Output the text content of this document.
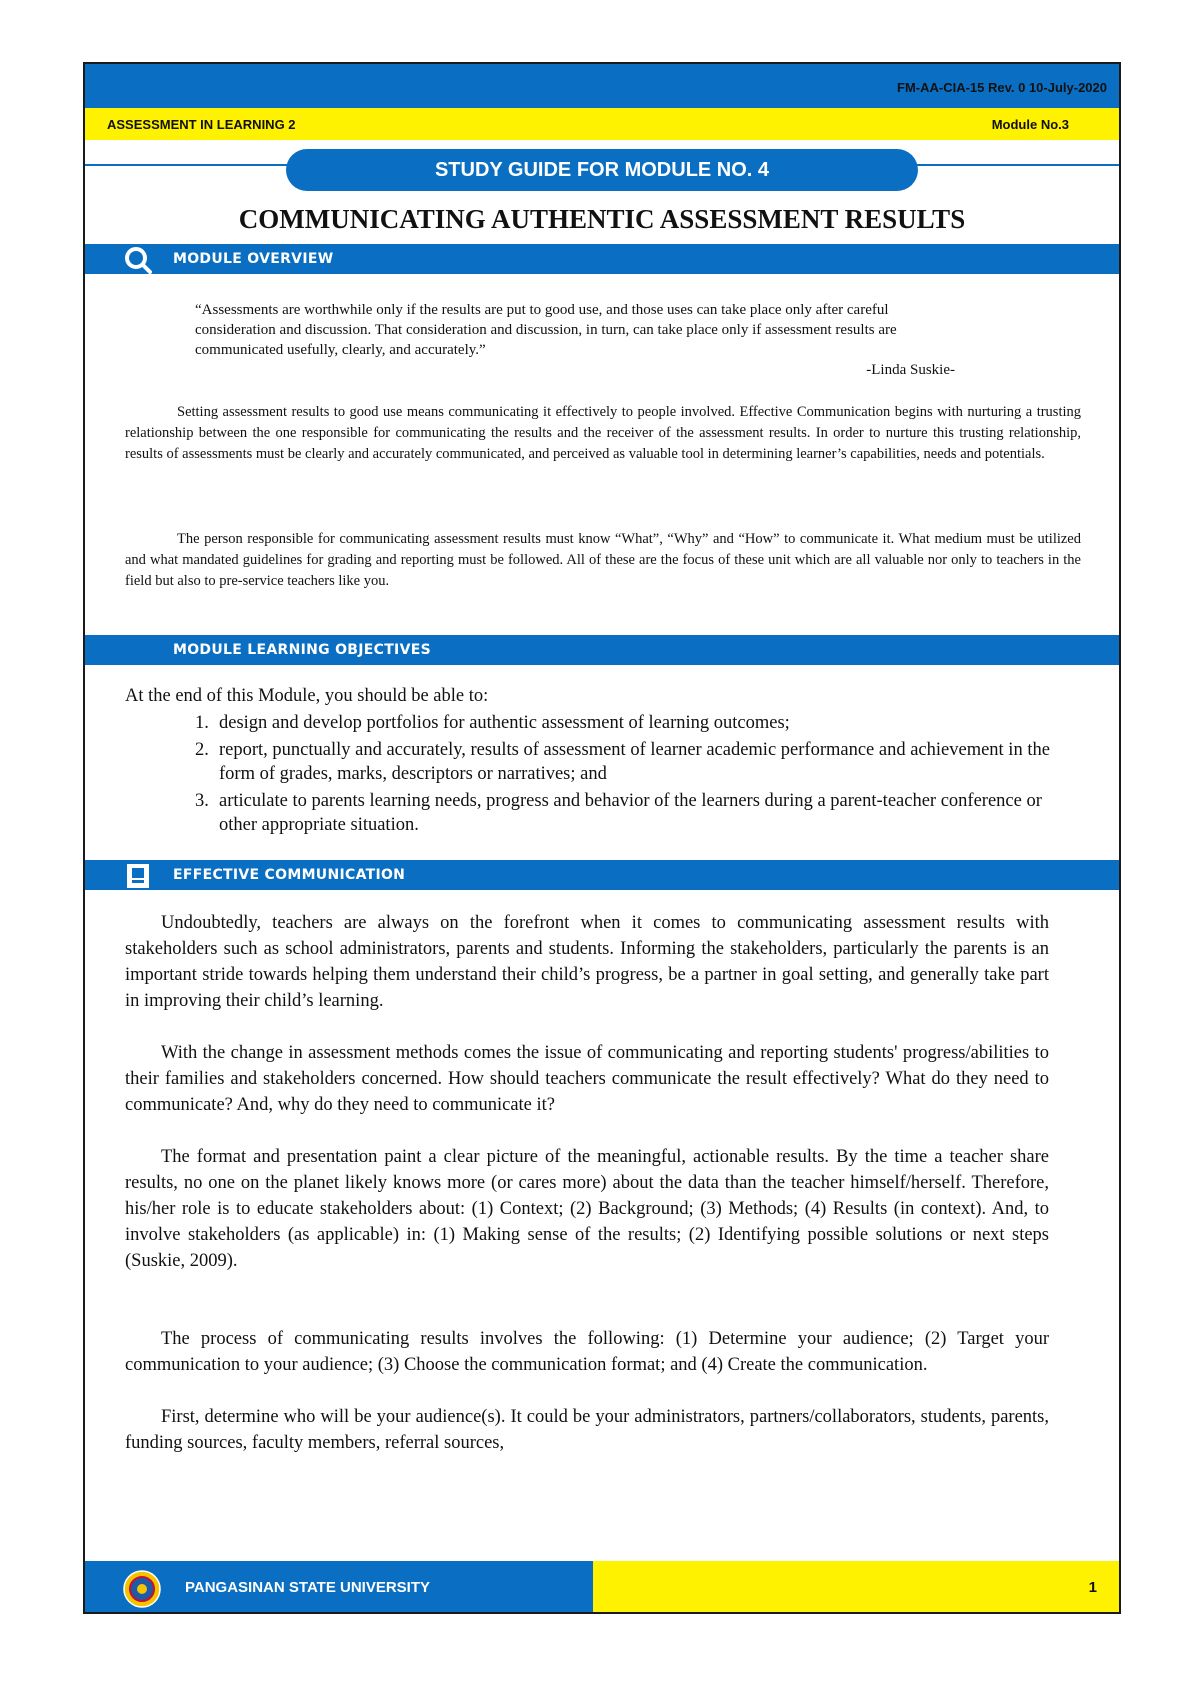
FM-AA-CIA-15 Rev. 0 10-July-2020
ASSESSMENT IN LEARNING 2	Module No.3
STUDY GUIDE FOR MODULE NO. 4
COMMUNICATING AUTHENTIC ASSESSMENT RESULTS
MODULE OVERVIEW
“Assessments are worthwhile only if the results are put to good use, and those uses can take place only after careful consideration and discussion. That consideration and discussion, in turn, can take place only if assessment results are communicated usefully, clearly, and accurately.”
-Linda Suskie-

Setting assessment results to good use means communicating it effectively to people involved. Effective Communication begins with nurturing a trusting relationship between the one responsible for communicating the results and the receiver of the assessment results. In order to nurture this trusting relationship, results of assessments must be clearly and accurately communicated, and perceived as valuable tool in determining learner’s capabilities, needs and potentials.

The person responsible for communicating assessment results must know “What”, “Why” and “How” to communicate it. What medium must be utilized and what mandated guidelines for grading and reporting must be followed. All of these are the focus of these unit which are all valuable nor only to teachers in the field but also to pre-service teachers like you.

MODULE LEARNING OBJECTIVES
At the end of this Module, you should be able to:
1. design and develop portfolios for authentic assessment of learning outcomes;
2. report, punctually and accurately, results of assessment of learner academic performance and achievement in the form of grades, marks, descriptors or narratives; and
3. articulate to parents learning needs, progress and behavior of the learners during a parent-teacher conference or other appropriate situation.
EFFECTIVE COMMUNICATION

Undoubtedly, teachers are always on the forefront when it comes to communicating assessment results with stakeholders such as school administrators, parents and students. Informing the stakeholders, particularly the parents is an important stride towards helping them understand their child’s progress, be a partner in goal setting, and generally take part in improving their child’s learning.

With the change in assessment methods comes the issue of communicating and reporting students' progress/abilities to their families and stakeholders concerned. How should teachers communicate the result effectively? What do they need to communicate? And, why do they need to communicate it?

The format and presentation paint a clear picture of the meaningful, actionable results. By the time a teacher share results, no one on the planet likely knows more (or cares more) about the data than the teacher himself/herself. Therefore, his/her role is to educate stakeholders about: (1) Context; (2) Background; (3) Methods; (4) Results (in context). And, to involve stakeholders (as applicable) in: (1) Making sense of the results; (2) Identifying possible solutions or next steps (Suskie, 2009).

The process of communicating results involves the following: (1) Determine your audience; (2) Target your communication to your audience; (3) Choose the communication format; and (4) Create the communication.

First, determine who will be your audience(s). It could be your administrators, partners/collaborators, students, parents, funding sources, faculty members, referral sources,

PANGASINAN STATE UNIVERSITY	1
